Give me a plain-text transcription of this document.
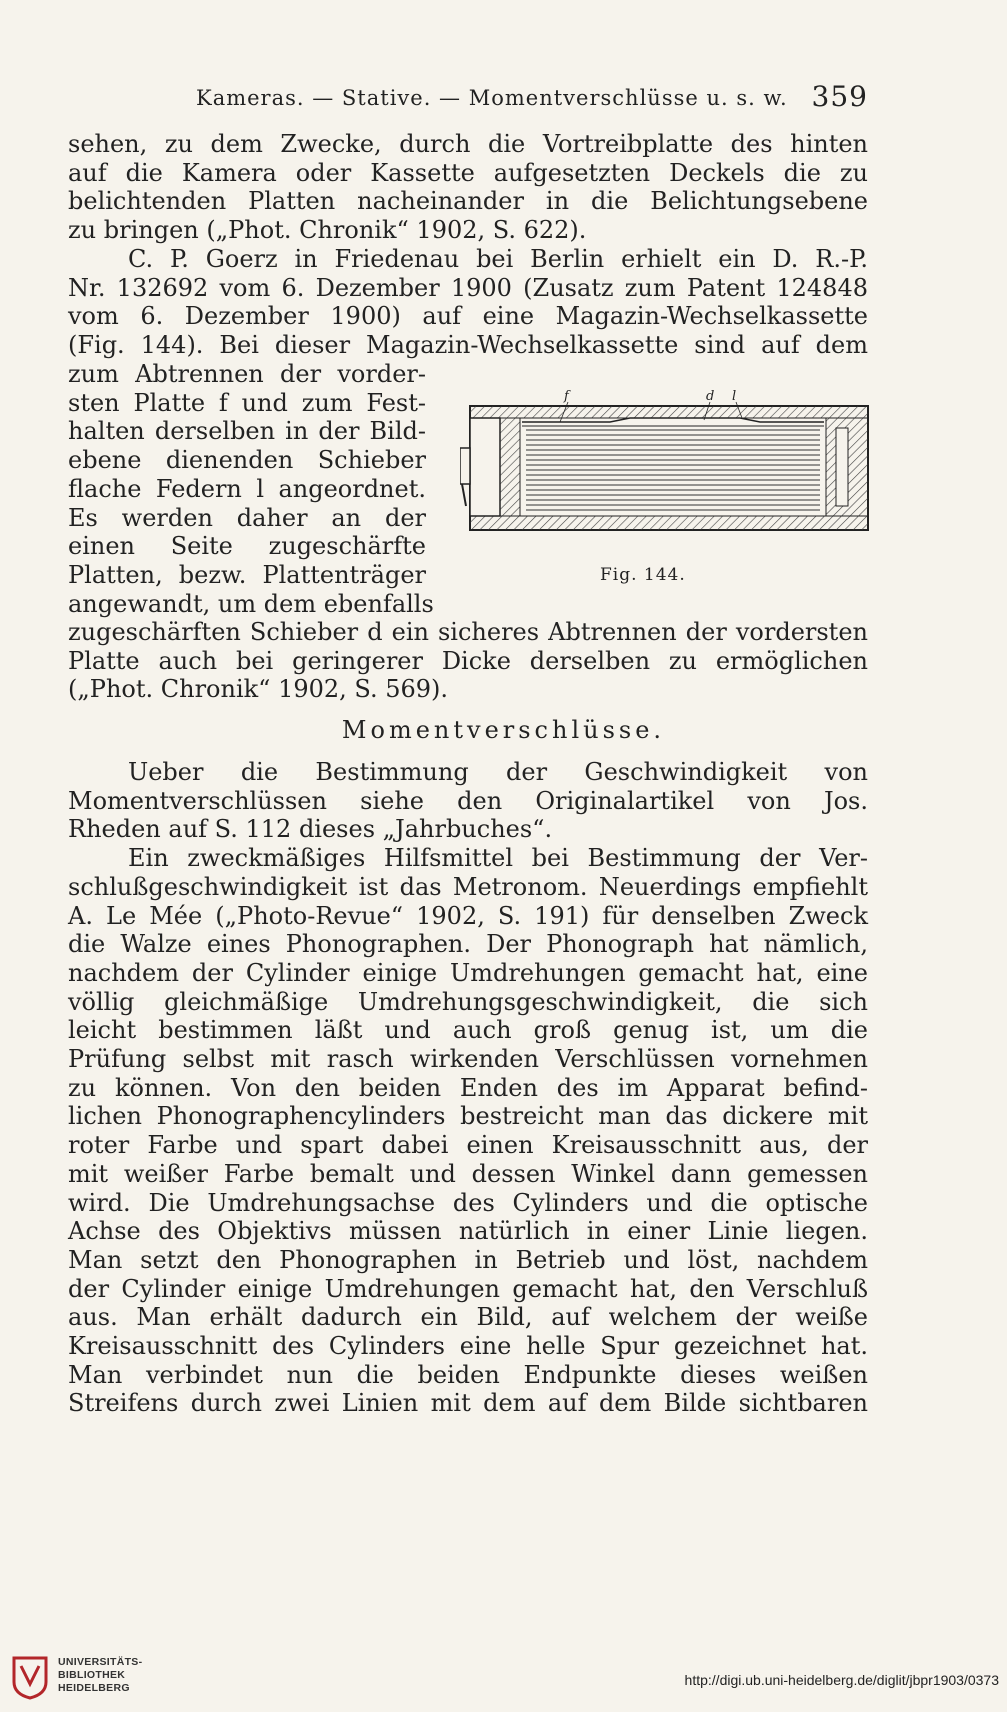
Kameras. — Stative. — Momentverschlüsse u. s. w. 359
sehen, zu dem Zwecke, durch die Vortreibplatte des hinten
auf die Kamera oder Kassette aufgesetzten Deckels die zu
belichtenden Platten nacheinander in die Belichtungsebene
zu bringen („Phot. Chronik“ 1902, S. 622).
C. P. Goerz in Friedenau bei Berlin erhielt ein D. R.-P.
Nr. 132692 vom 6. Dezember 1900 (Zusatz zum Patent 124848
vom 6. Dezember 1900) auf eine Magazin-Wechselkassette
(Fig. 144). Bei dieser Magazin-Wechselkassette sind auf dem
zum Abtrennen der vorder-
sten Platte f und zum Fest-
halten derselben in der Bild-
ebene dienenden Schieber
flache Federn l angeordnet.
Es werden daher an der
einen Seite zugeschärfte
Platten, bezw. Plattenträger
angewandt, um dem ebenfalls
f	d l
Fig. 144.
zugeschärften Schieber d ein sicheres Abtrennen der vordersten
Platte auch bei geringerer Dicke derselben zu ermöglichen
(„Phot. Chronik“ 1902, S. 569).
Momentverschlüsse.
Ueber die Bestimmung der Geschwindigkeit von
Momentverschlüssen siehe den Originalartikel von Jos.
Rheden auf S. 112 dieses „Jahrbuches“.
Ein zweckmäßiges Hilfsmittel bei Bestimmung der Ver-
schlußgeschwindigkeit ist das Metronom. Neuerdings empfiehlt
A. Le Mée („Photo-Revue“ 1902, S. 191) für denselben Zweck
die Walze eines Phonographen. Der Phonograph hat nämlich,
nachdem der Cylinder einige Umdrehungen gemacht hat, eine
völlig gleichmäßige Umdrehungsgeschwindigkeit, die sich
leicht bestimmen läßt und auch groß genug ist, um die
Prüfung selbst mit rasch wirkenden Verschlüssen vornehmen
zu können. Von den beiden Enden des im Apparat befind-
lichen Phonographencylinders bestreicht man das dickere mit
roter Farbe und spart dabei einen Kreisausschnitt aus, der
mit weißer Farbe bemalt und dessen Winkel dann gemessen
wird. Die Umdrehungsachse des Cylinders und die optische
Achse des Objektivs müssen natürlich in einer Linie liegen.
Man setzt den Phonographen in Betrieb und löst, nachdem
der Cylinder einige Umdrehungen gemacht hat, den Verschluß
aus. Man erhält dadurch ein Bild, auf welchem der weiße
Kreisausschnitt des Cylinders eine helle Spur gezeichnet hat.
Man verbindet nun die beiden Endpunkte dieses weißen
Streifens durch zwei Linien mit dem auf dem Bilde sichtbaren
UNIVERSITÄTS-
BIBLIOTHEK
HEIDELBERG	http://digi.ub.uni-heidelberg.de/diglit/jbpr1903/0373
